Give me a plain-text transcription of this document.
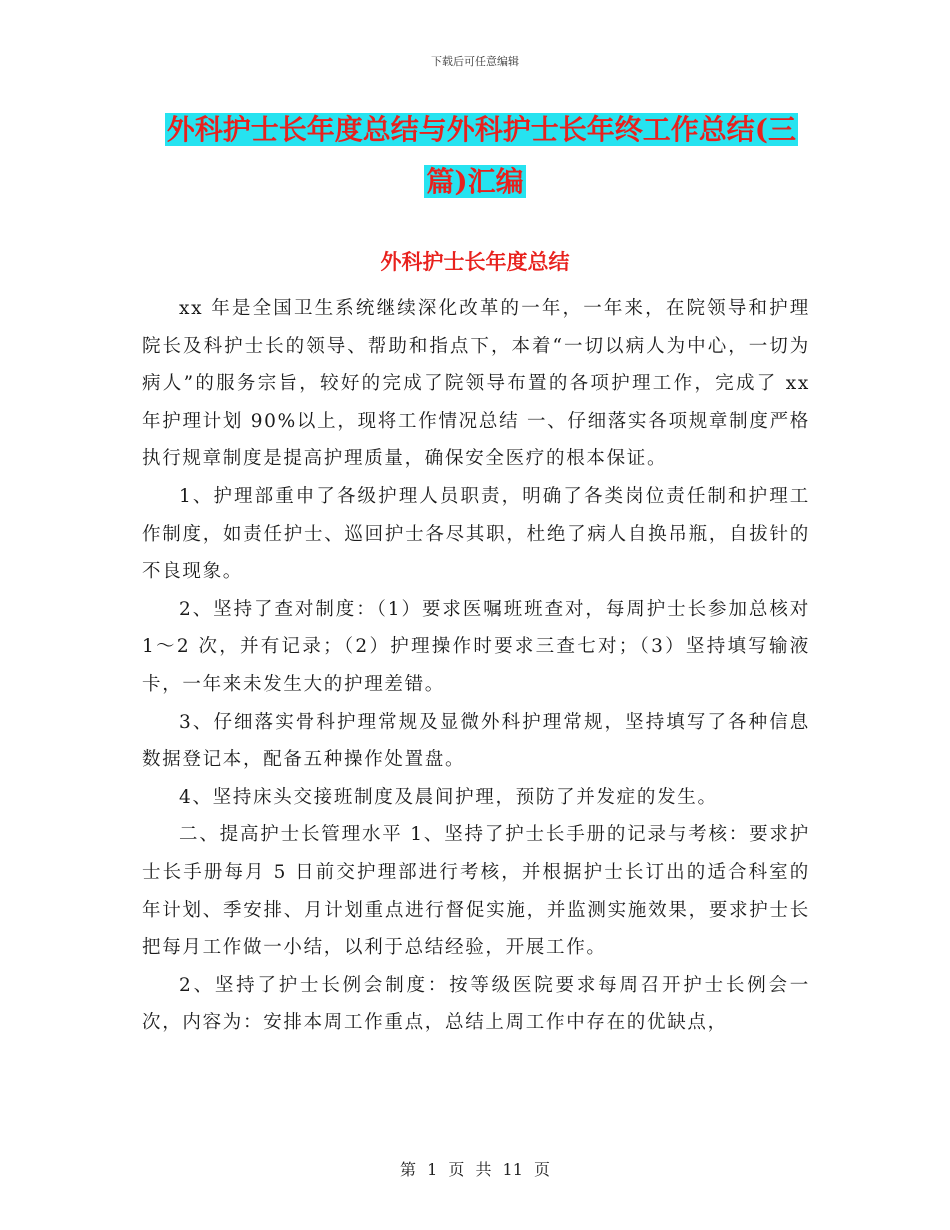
下载后可任意编辑
外科护士长年度总结与外科护士长年终工作总结(三
篇)汇编
外科护士长年度总结

xx 年是全国卫生系统继续深化改革的一年，一年来，在院领导和护理院长及科护士长的领导、帮助和指点下，本着“一切以病人为中心，一切为病人”的服务宗旨，较好的完成了院领导布置的各项护理工作，完成了 xx 年护理计划 90%以上，现将工作情况总结 一、仔细落实各项规章制度严格执行规章制度是提高护理质量，确保安全医疗的根本保证。

1、护理部重申了各级护理人员职责，明确了各类岗位责任制和护理工作制度，如责任护士、巡回护士各尽其职，杜绝了病人自换吊瓶，自拔针的不良现象。

2、坚持了查对制度：（1）要求医嘱班班查对，每周护士长参加总核对 1～2 次，并有记录；（2）护理操作时要求三查七对；（3）坚持填写输液卡，一年来未发生大的护理差错。

3、仔细落实骨科护理常规及显微外科护理常规，坚持填写了各种信息数据登记本，配备五种操作处置盘。

4、坚持床头交接班制度及晨间护理，预防了并发症的发生。

二、提高护士长管理水平 1、坚持了护士长手册的记录与考核：要求护士长手册每月 5 日前交护理部进行考核，并根据护士长订出的适合科室的年计划、季安排、月计划重点进行督促实施，并监测实施效果，要求护士长把每月工作做一小结，以利于总结经验，开展工作。

2、坚持了护士长例会制度：按等级医院要求每周召开护士长例会一次，内容为：安排本周工作重点，总结上周工作中存在的优缺点，

第 1 页 共 11 页
